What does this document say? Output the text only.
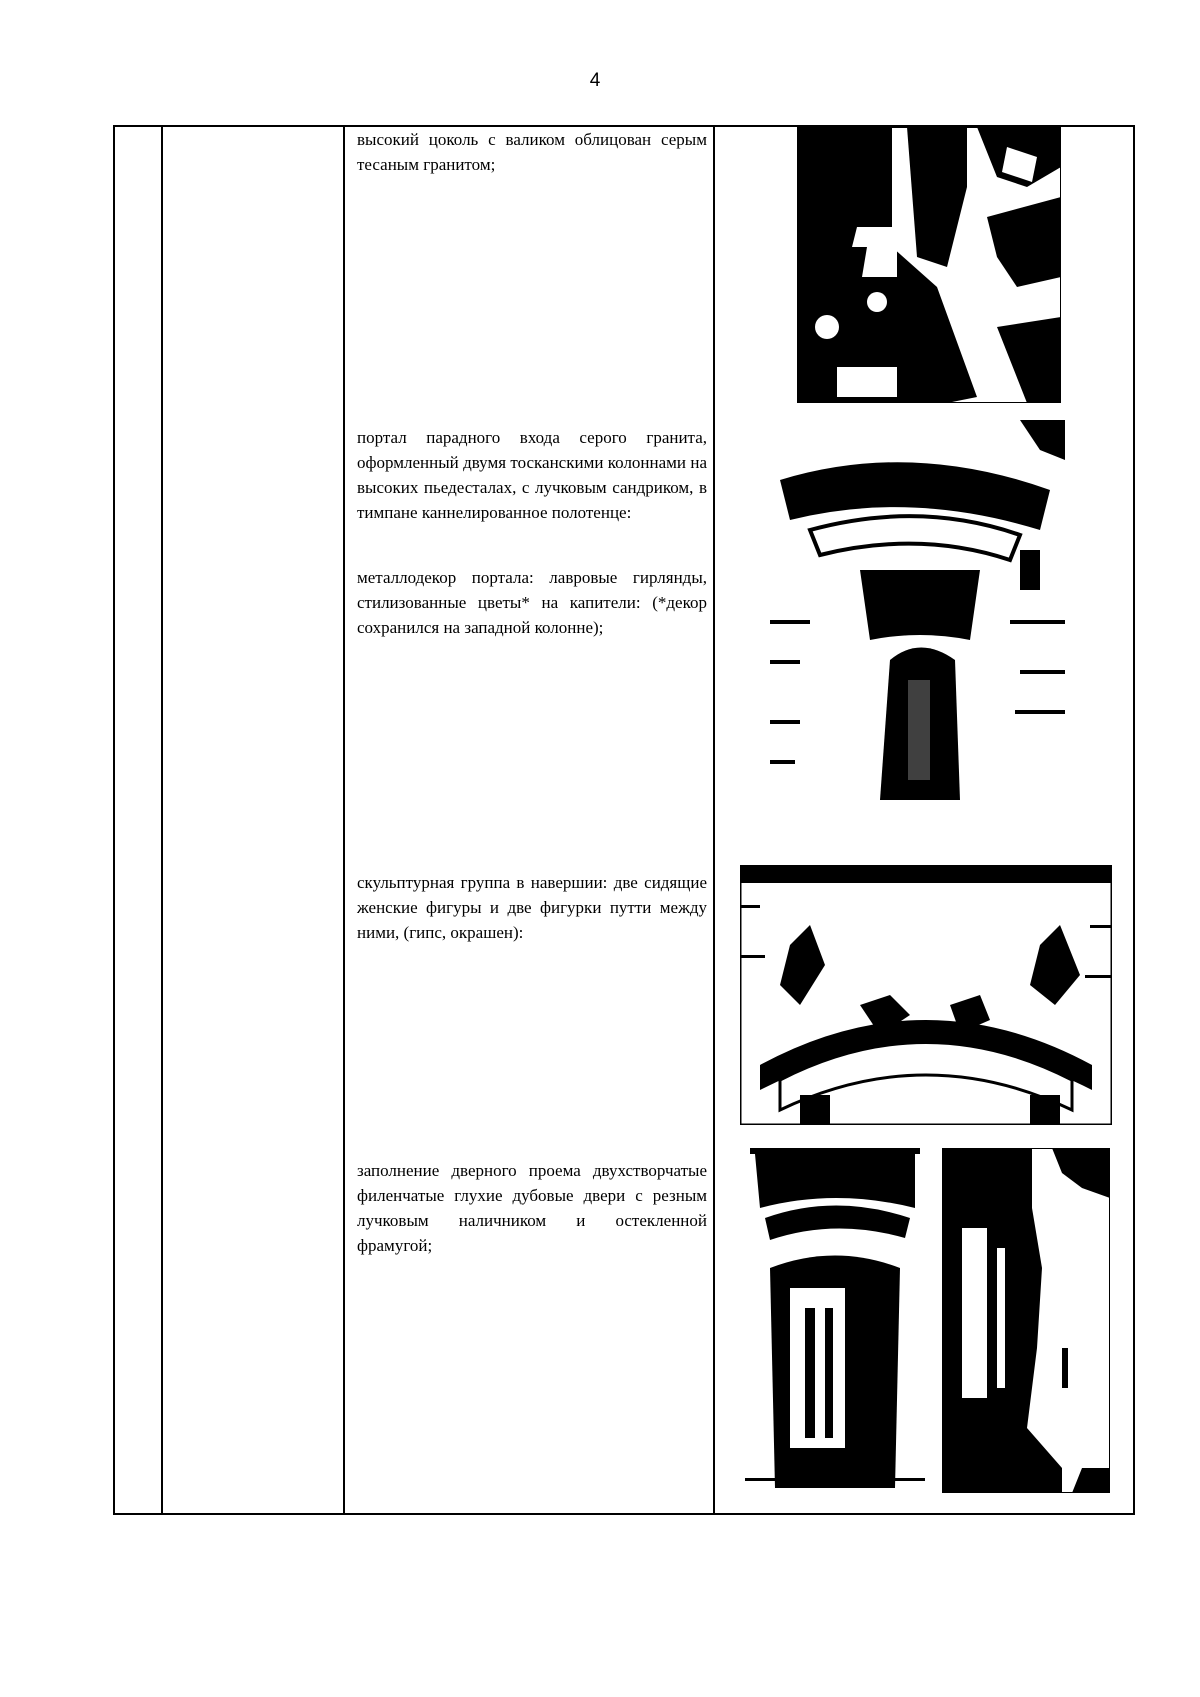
4
высокий цоколь с валиком облицован серым тесаным гранитом;
портал парадного входа серого гранита, оформленный двумя тосканскими колоннами на высоких пьедесталах, с лучковым сандриком, в тимпане каннелированное полотенце:
металлодекор портала: лавровые гирлянды, стилизованные цветы* на капители: (*декор сохранился на западной колонне);
скульптурная группа в навершии: две сидящие женские фигуры и две фигурки путти между ними, (гипс, окрашен):
заполнение дверного проема двухстворчатые филенчатые глухие дубовые двери с резным лучковым наличником и остекленной фрамугой;
